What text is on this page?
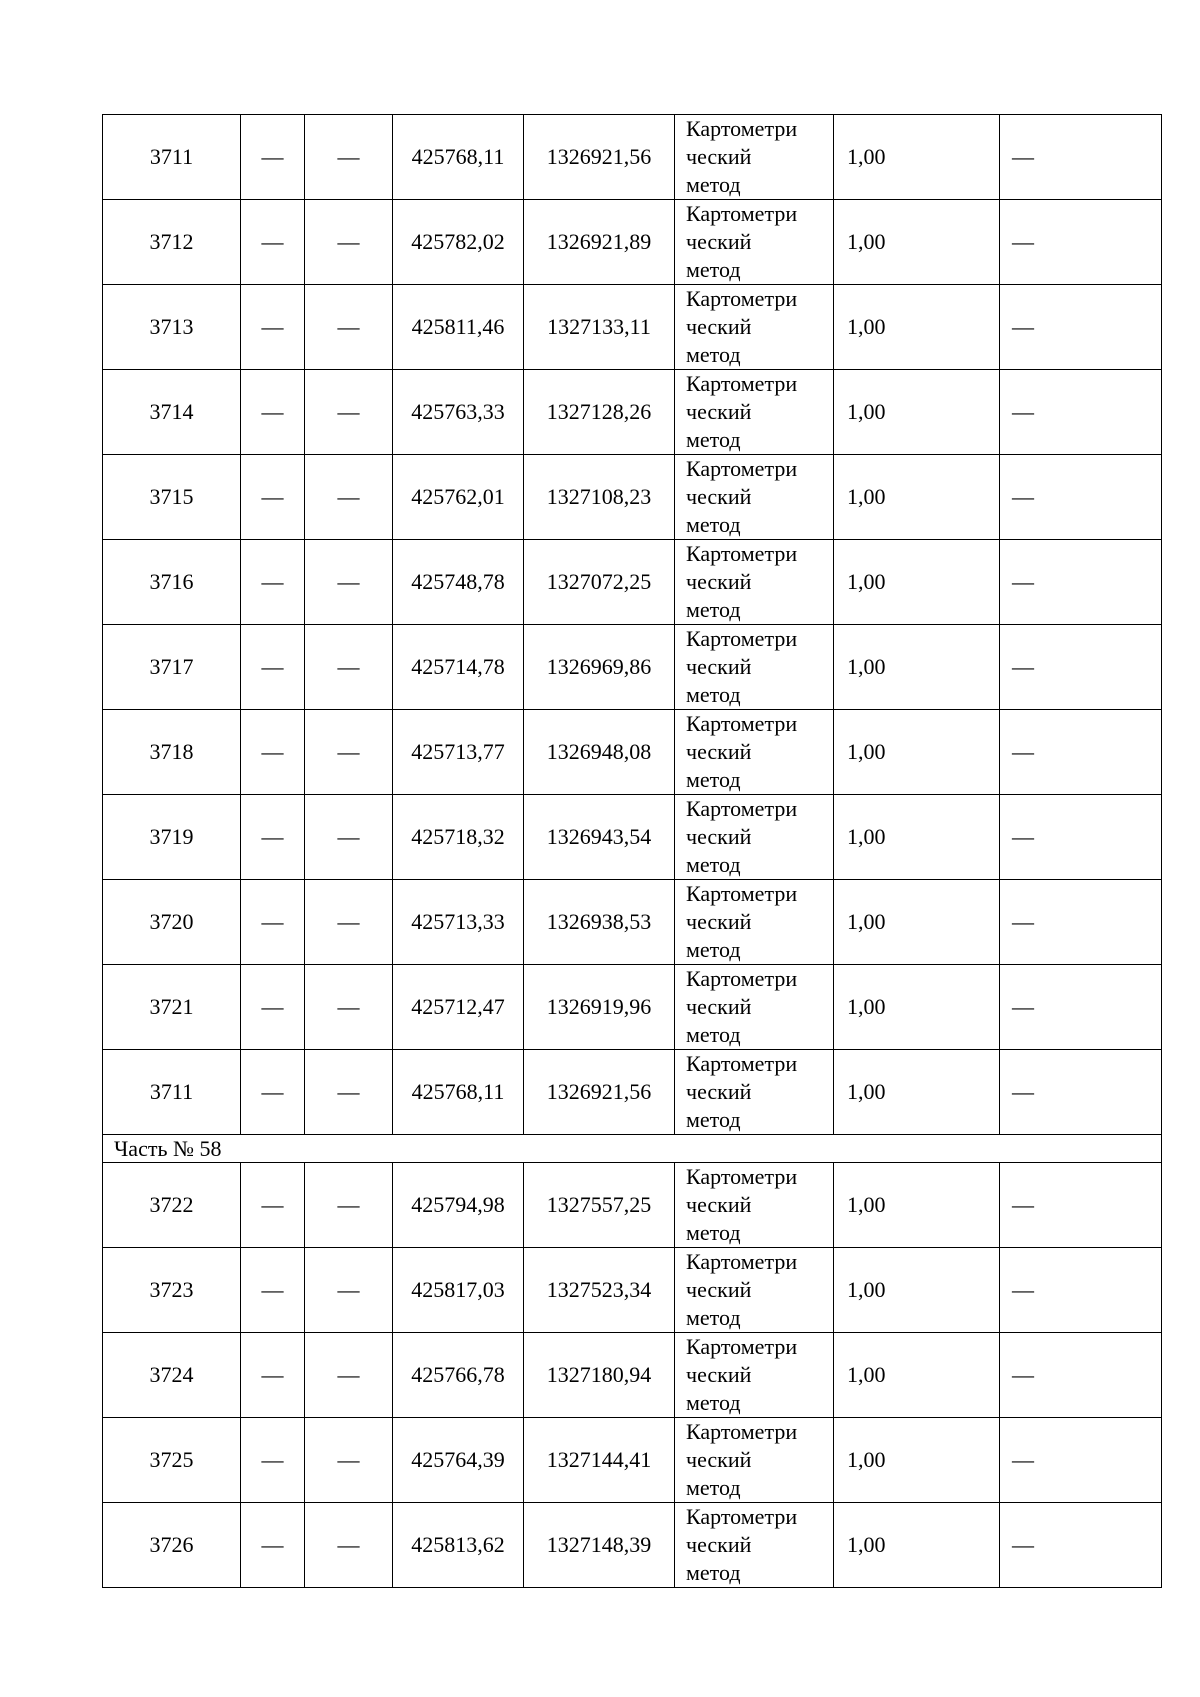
3711	—	—	425768,11	1326921,56	Картометри
ческий
метод	1,00	—
3712	—	—	425782,02	1326921,89	Картометри
ческий
метод	1,00	—
3713	—	—	425811,46	1327133,11	Картометри
ческий
метод	1,00	—
3714	—	—	425763,33	1327128,26	Картометри
ческий
метод	1,00	—
3715	—	—	425762,01	1327108,23	Картометри
ческий
метод	1,00	—
3716	—	—	425748,78	1327072,25	Картометри
ческий
метод	1,00	—
3717	—	—	425714,78	1326969,86	Картометри
ческий
метод	1,00	—
3718	—	—	425713,77	1326948,08	Картометри
ческий
метод	1,00	—
3719	—	—	425718,32	1326943,54	Картометри
ческий
метод	1,00	—
3720	—	—	425713,33	1326938,53	Картометри
ческий
метод	1,00	—
3721	—	—	425712,47	1326919,96	Картометри
ческий
метод	1,00	—
3711	—	—	425768,11	1326921,56	Картометри
ческий
метод	1,00	—
Часть № 58							
3722	—	—	425794,98	1327557,25	Картометри
ческий
метод	1,00	—
3723	—	—	425817,03	1327523,34	Картометри
ческий
метод	1,00	—
3724	—	—	425766,78	1327180,94	Картометри
ческий
метод	1,00	—
3725	—	—	425764,39	1327144,41	Картометри
ческий
метод	1,00	—
3726	—	—	425813,62	1327148,39	Картометри
ческий
метод	1,00	—
